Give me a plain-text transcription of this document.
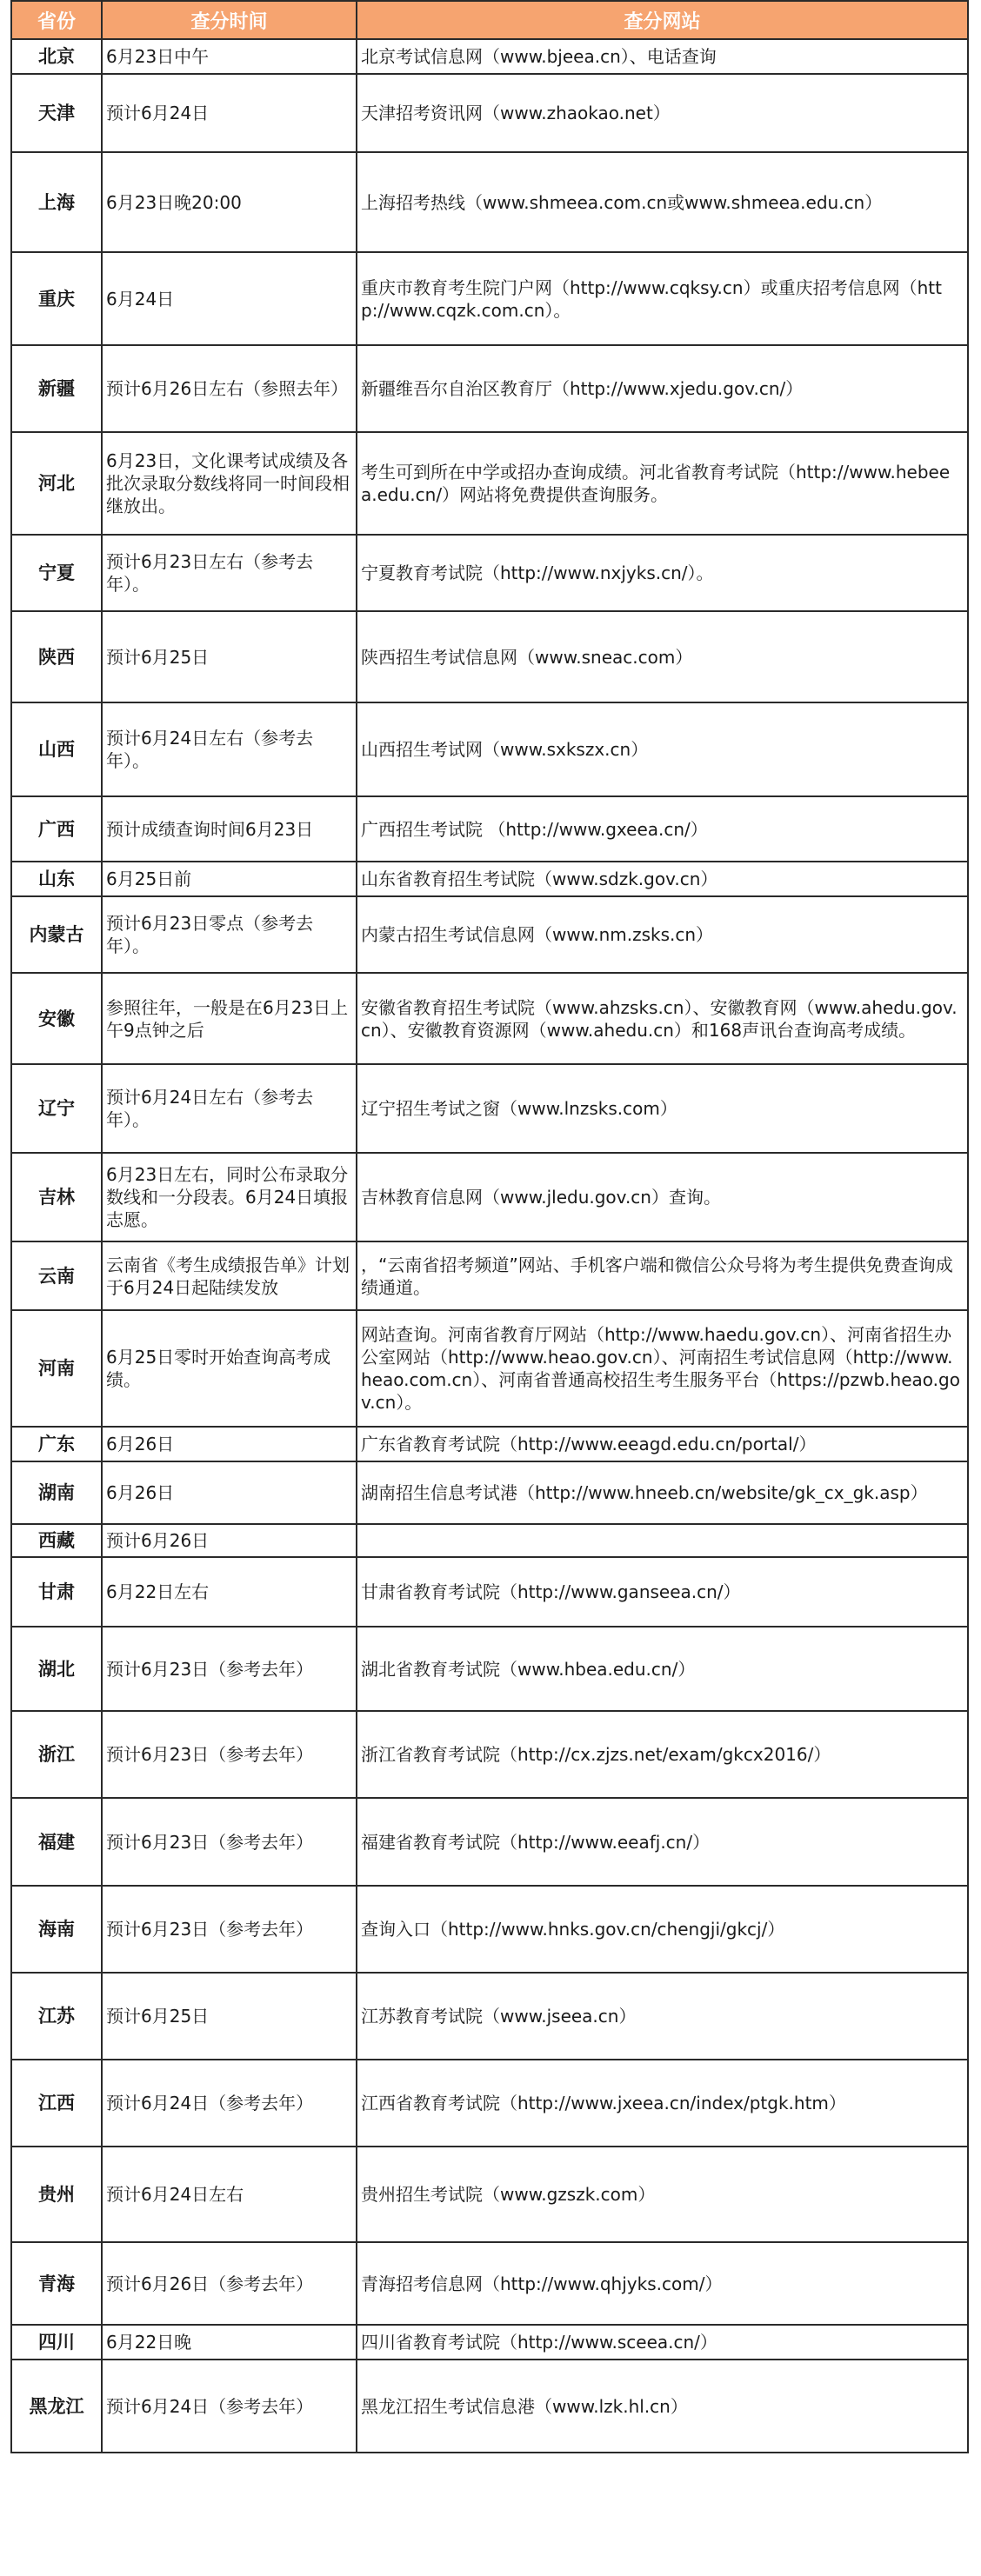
省份	查分时间	查分网站
北京	6月23日中午	北京考试信息网（www.bjeea.cn）、电话查询
天津	预计6月24日	天津招考资讯网（www.zhaokao.net）
上海	6月23日晚20:00	上海招考热线（www.shmeea.com.cn或www.shmeea.edu.cn）
重庆	6月24日	重庆市教育考生院门户网（http://www.cqksy.cn）或重庆招考信息网（http://www.cqzk.com.cn）。
新疆	预计6月26日左右（参照去年）	新疆维吾尔自治区教育厅（http://www.xjedu.gov.cn/）
河北	6月23日，文化课考试成绩及各批次录取分数线将同一时间段相继放出。	考生可到所在中学或招办查询成绩。河北省教育考试院（http://www.hebeea.edu.cn/）网站将免费提供查询服务。
宁夏	预计6月23日左右（参考去年）。	宁夏教育考试院（http://www.nxjyks.cn/）。
陕西	预计6月25日	陕西招生考试信息网（www.sneac.com）
山西	预计6月24日左右（参考去年）。	山西招生考试网（www.sxkszx.cn）
广西	预计成绩查询时间6月23日	广西招生考试院 （http://www.gxeea.cn/）
山东	6月25日前	山东省教育招生考试院（www.sdzk.gov.cn）
内蒙古	预计6月23日零点（参考去年）。	内蒙古招生考试信息网（www.nm.zsks.cn）
安徽	参照往年，一般是在6月23日上午9点钟之后	安徽省教育招生考试院（www.ahzsks.cn）、安徽教育网（www.ahedu.gov.cn）、安徽教育资源网（www.ahedu.cn）和168声讯台查询高考成绩。
辽宁	预计6月24日左右（参考去年）。	辽宁招生考试之窗（www.lnzsks.com）
吉林	6月23日左右，同时公布录取分数线和一分段表。6月24日填报志愿。	吉林教育信息网（www.jledu.gov.cn）查询。
云南	云南省《考生成绩报告单》计划于6月24日起陆续发放	，“云南省招考频道”网站、手机客户端和微信公众号将为考生提供免费查询成绩通道。
河南	6月25日零时开始查询高考成绩。	网站查询。河南省教育厅网站（http://www.haedu.gov.cn）、河南省招生办公室网站（http://www.heao.gov.cn）、河南招生考试信息网（http://www.heao.com.cn）、河南省普通高校招生考生服务平台（https://pzwb.heao.gov.cn）。
广东	6月26日	广东省教育考试院（http://www.eeagd.edu.cn/portal/）
湖南	6月26日	湖南招生信息考试港（http://www.hneeb.cn/website/gk_cx_gk.asp）
西藏	预计6月26日	
甘肃	6月22日左右	甘肃省教育考试院（http://www.ganseea.cn/）
湖北	预计6月23日（参考去年）	湖北省教育考试院（www.hbea.edu.cn/）
浙江	预计6月23日（参考去年）	浙江省教育考试院（http://cx.zjzs.net/exam/gkcx2016/）
福建	预计6月23日（参考去年）	福建省教育考试院（http://www.eeafj.cn/）
海南	预计6月23日（参考去年）	查询入口（http://www.hnks.gov.cn/chengji/gkcj/）
江苏	预计6月25日	江苏教育考试院（www.jseea.cn）
江西	预计6月24日（参考去年）	江西省教育考试院（http://www.jxeea.cn/index/ptgk.htm）
贵州	预计6月24日左右	贵州招生考试院（www.gzszk.com）
青海	预计6月26日（参考去年）	青海招考信息网（http://www.qhjyks.com/）
四川	6月22日晚	四川省教育考试院（http://www.sceea.cn/）
黑龙江	预计6月24日（参考去年）	黑龙江招生考试信息港（www.lzk.hl.cn）
